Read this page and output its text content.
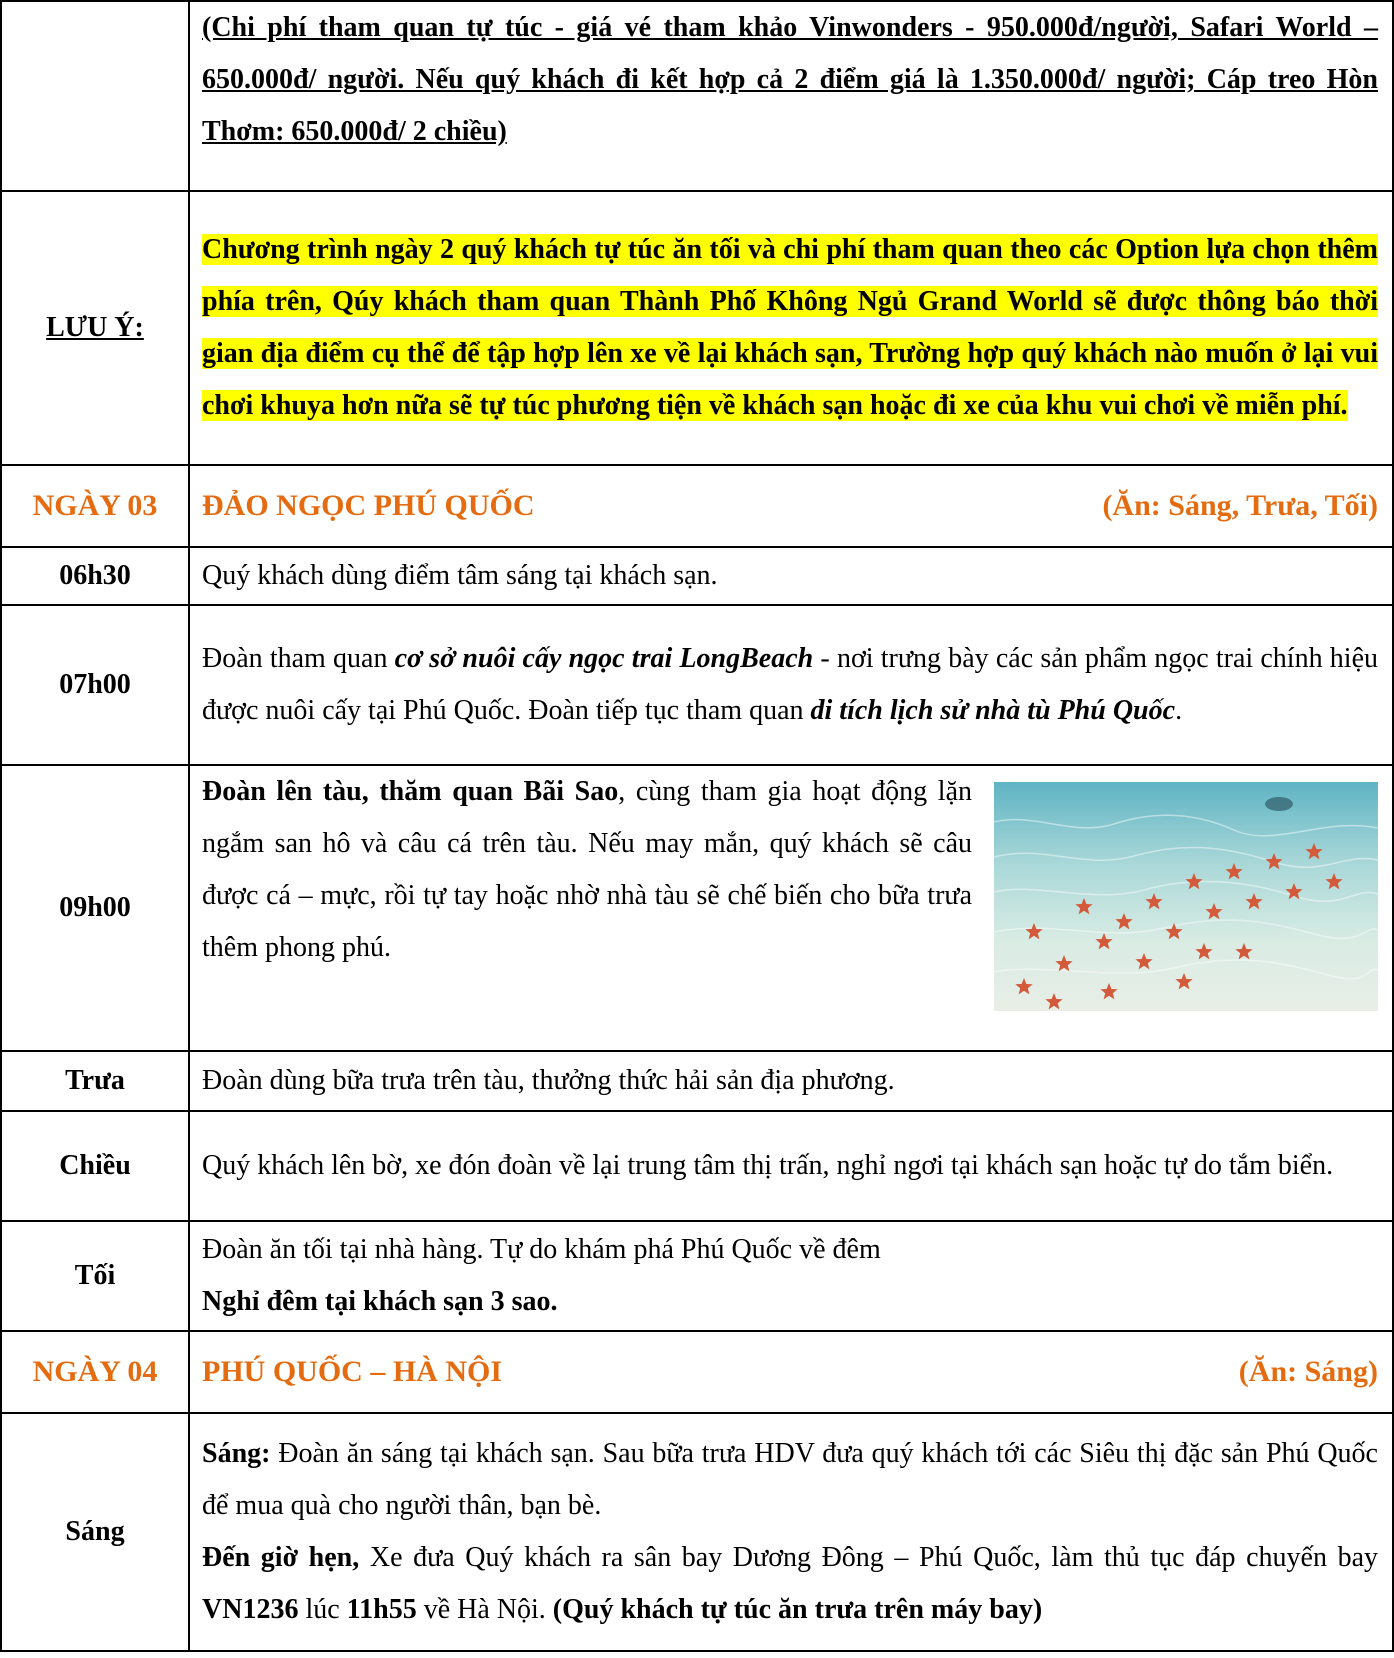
	(Chi phí tham quan tự túc - giá vé tham khảo Vinwonders - 950.000đ/người, Safari World – 650.000đ/ người. Nếu quý khách đi kết hợp cả 2 điểm giá là 1.350.000đ/ người; Cáp treo Hòn Thơm: 650.000đ/ 2 chiều)
LƯU Ý:	Chương trình ngày 2 quý khách tự túc ăn tối và chi phí tham quan theo các Option lựa chọn thêm phía trên, Qúy khách tham quan Thành Phố Không Ngủ Grand World sẽ được thông báo thời gian địa điểm cụ thể để tập hợp lên xe về lại khách sạn, Trường hợp quý khách nào muốn ở lại vui chơi khuya hơn nữa sẽ tự túc phương tiện về khách sạn hoặc đi xe của khu vui chơi về miễn phí.
NGÀY 03	ĐẢO NGỌC PHÚ QUỐC (Ăn: Sáng, Trưa, Tối)

06h30	Quý khách dùng điểm tâm sáng tại khách sạn.
07h00	Đoàn tham quan cơ sở nuôi cấy ngọc trai LongBeach - nơi trưng bày các sản phẩm ngọc trai chính hiệu được nuôi cấy tại Phú Quốc. Đoàn tiếp tục tham quan di tích lịch sử nhà tù Phú Quốc.
09h00	Đoàn lên tàu, thăm quan Bãi Sao, cùng tham gia hoạt động lặn ngắm san hô và câu cá trên tàu. Nếu may mắn, quý khách sẽ câu được cá – mực, rồi tự tay hoặc nhờ nhà tàu sẽ chế biến cho bữa trưa thêm phong phú.

Trưa	Đoàn dùng bữa trưa trên tàu, thưởng thức hải sản địa phương.
Chiều	Quý khách lên bờ, xe đón đoàn về lại trung tâm thị trấn, nghỉ ngơi tại khách sạn hoặc tự do tắm biển.
Tối	Đoàn ăn tối tại nhà hàng. Tự do khám phá Phú Quốc về đêm
Nghỉ đêm tại khách sạn 3 sao.

NGÀY 04	PHÚ QUỐC – HÀ NỘI (Ăn: Sáng)

Sáng	Sáng: Đoàn ăn sáng tại khách sạn. Sau bữa trưa HDV đưa quý khách tới các Siêu thị đặc sản Phú Quốc để mua quà cho người thân, bạn bè.
Đến giờ hẹn, Xe đưa Quý khách ra sân bay Dương Đông – Phú Quốc, làm thủ tục đáp chuyến bay VN1236 lúc 11h55 về Hà Nội. (Quý khách tự túc ăn trưa trên máy bay)
